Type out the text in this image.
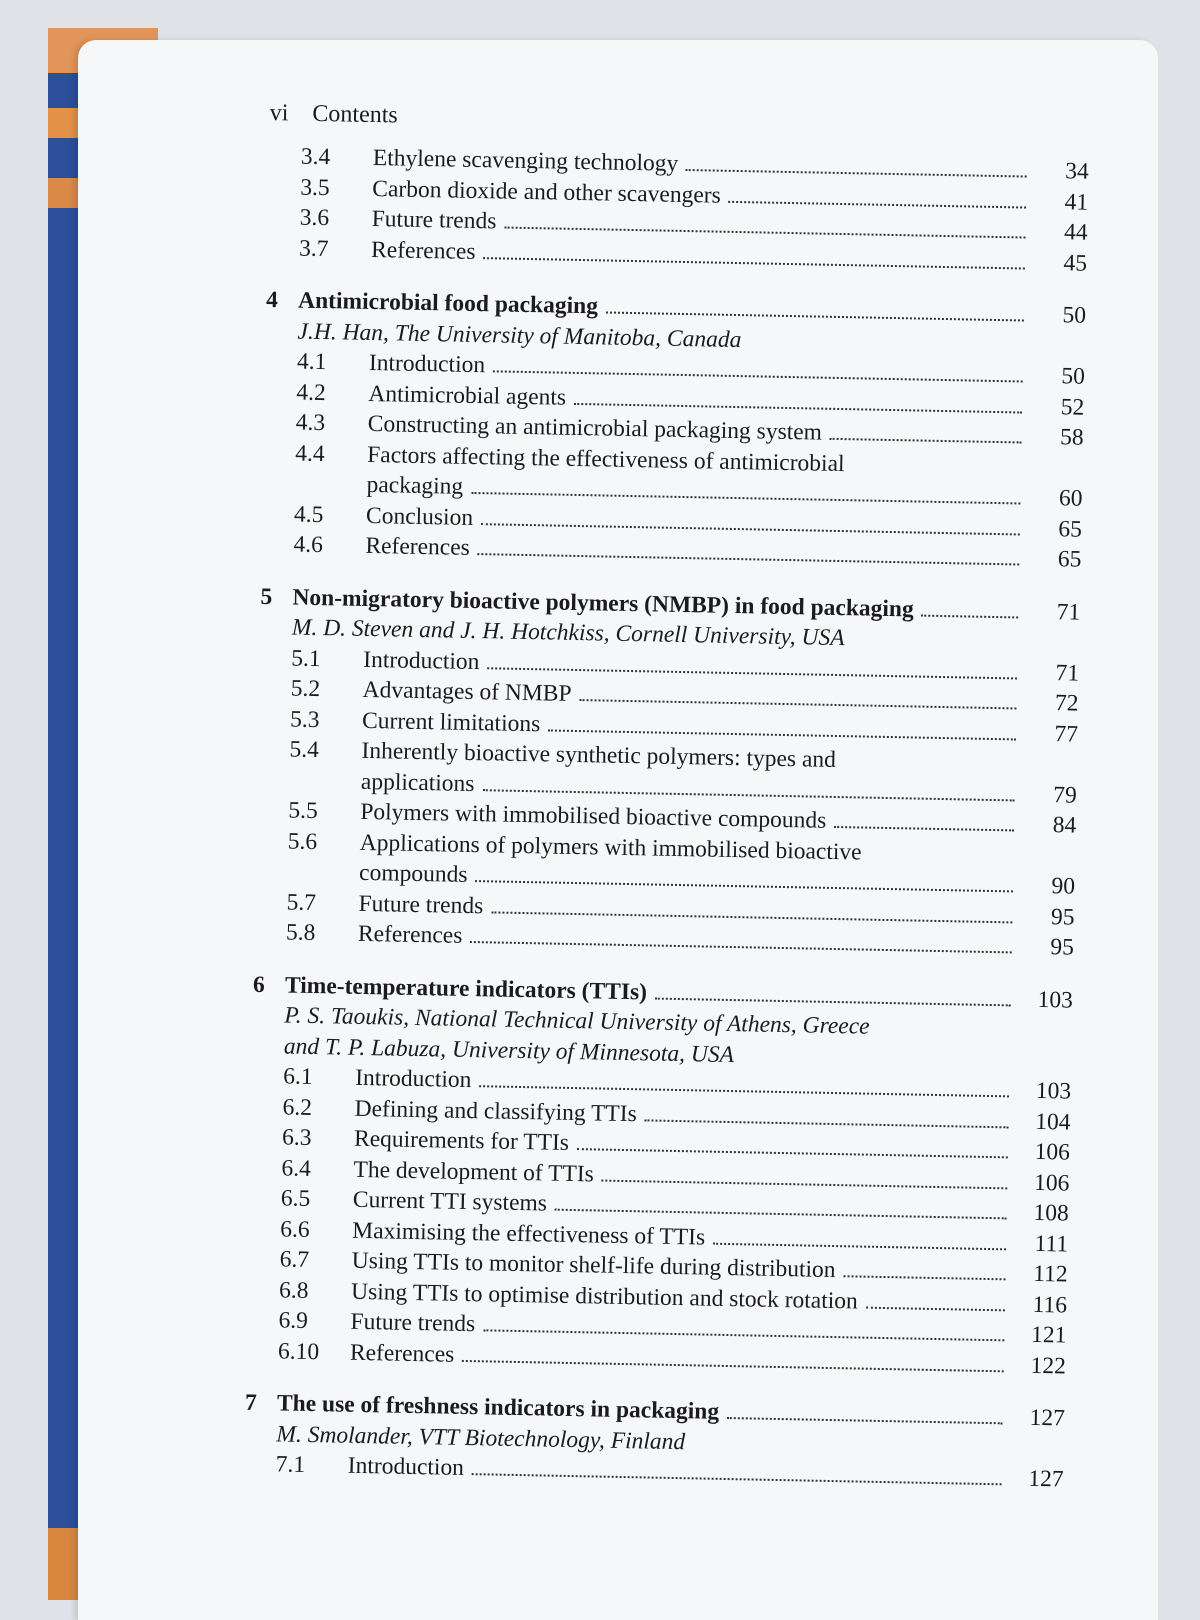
vi Contents
3.4	Ethylene scavenging technology	34
3.5	Carbon dioxide and other scavengers	41
3.6	Future trends	44
3.7	References	45
4 Antimicrobial food packaging	50
J.H. Han, The University of Manitoba, Canada
4.1	Introduction	50
4.2	Antimicrobial agents	52
4.3	Constructing an antimicrobial packaging system	58
4.4	Factors affecting the effectiveness of antimicrobial
packaging	60
4.5	Conclusion	65
4.6	References	65
5 Non-migratory bioactive polymers (NMBP) in food packaging	71
M. D. Steven and J. H. Hotchkiss, Cornell University, USA
5.1	Introduction	71
5.2	Advantages of NMBP	72
5.3	Current limitations	77
5.4	Inherently bioactive synthetic polymers: types and
applications	79
5.5	Polymers with immobilised bioactive compounds	84
5.6	Applications of polymers with immobilised bioactive
compounds	90
5.7	Future trends	95
5.8	References	95
6 Time-temperature indicators (TTIs)	103
P. S. Taoukis, National Technical University of Athens, Greece
and T. P. Labuza, University of Minnesota, USA
6.1	Introduction	103
6.2	Defining and classifying TTIs	104
6.3	Requirements for TTIs	106
6.4	The development of TTIs	106
6.5	Current TTI systems	108
6.6	Maximising the effectiveness of TTIs	111
6.7	Using TTIs to monitor shelf-life during distribution	112
6.8	Using TTIs to optimise distribution and stock rotation	116
6.9	Future trends	121
6.10	References	122
7 The use of freshness indicators in packaging	127
M. Smolander, VTT Biotechnology, Finland
7.1	Introduction	127
